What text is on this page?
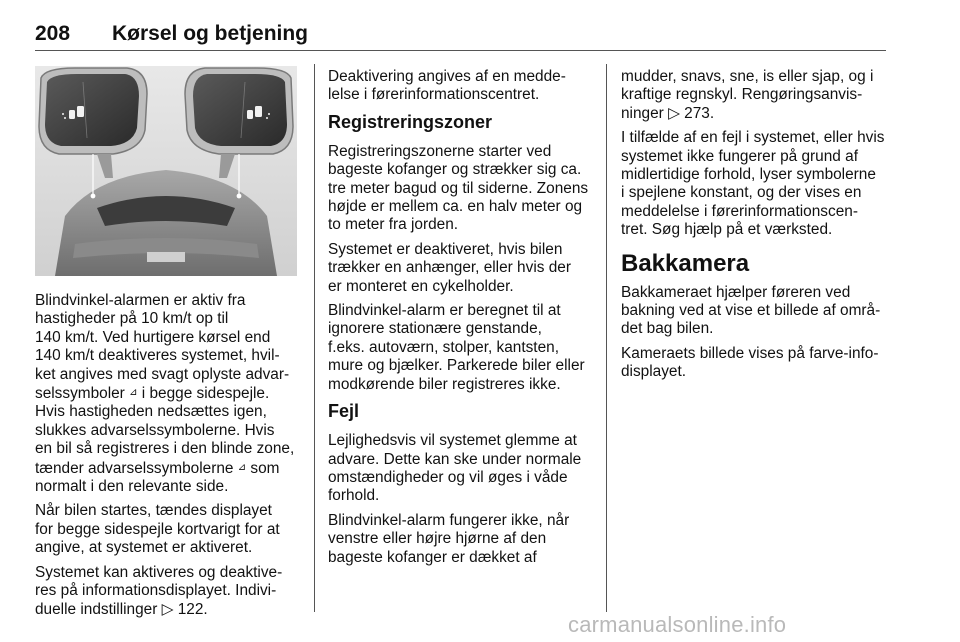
208 Kørsel og betjening

Blindvinkel-alarmen er aktiv fra
hastigheder på 10 km/t op til
140 km/t. Ved hurtigere kørsel end
140 km/t deaktiveres systemet, hvil-
ket angives med svagt oplyste advar-
selssymboler ⊿ i begge sidespejle.
Hvis hastigheden nedsættes igen,
slukkes advarselssymbolerne. Hvis
en bil så registreres i den blinde zone,
tænder advarselssymbolerne ⊿ som
normalt i den relevante side.

Når bilen startes, tændes displayet
for begge sidespejle kortvarigt for at
angive, at systemet er aktiveret.

Systemet kan aktiveres og deaktive-
res på informationsdisplayet. Indivi-
duelle indstillinger ▷ 122.

Deaktivering angives af en medde-
lelse i førerinformationscentret.

Registreringszoner

Registreringszonerne starter ved
bageste kofanger og strækker sig ca.
tre meter bagud og til siderne. Zonens
højde er mellem ca. en halv meter og
to meter fra jorden.

Systemet er deaktiveret, hvis bilen
trækker en anhænger, eller hvis der
er monteret en cykelholder.

Blindvinkel-alarm er beregnet til at
ignorere stationære genstande,
f.eks. autoværn, stolper, kantsten,
mure og bjælker. Parkerede biler eller
modkørende biler registreres ikke.

Fejl

Lejlighedsvis vil systemet glemme at
advare. Dette kan ske under normale
omstændigheder og vil øges i våde
forhold.

Blindvinkel-alarm fungerer ikke, når
venstre eller højre hjørne af den
bageste kofanger er dækket af

mudder, snavs, sne, is eller sjap, og i
kraftige regnskyl. Rengøringsanvis-
ninger ▷ 273.

I tilfælde af en fejl i systemet, eller hvis
systemet ikke fungerer på grund af
midlertidige forhold, lyser symbolerne
i spejlene konstant, og der vises en
meddelelse i førerinformationscen-
tret. Søg hjælp på et værksted.

Bakkamera

Bakkameraet hjælper føreren ved
bakning ved at vise et billede af områ-
det bag bilen.

Kameraets billede vises på farve-info-
displayet.

carmanualsonline.info
